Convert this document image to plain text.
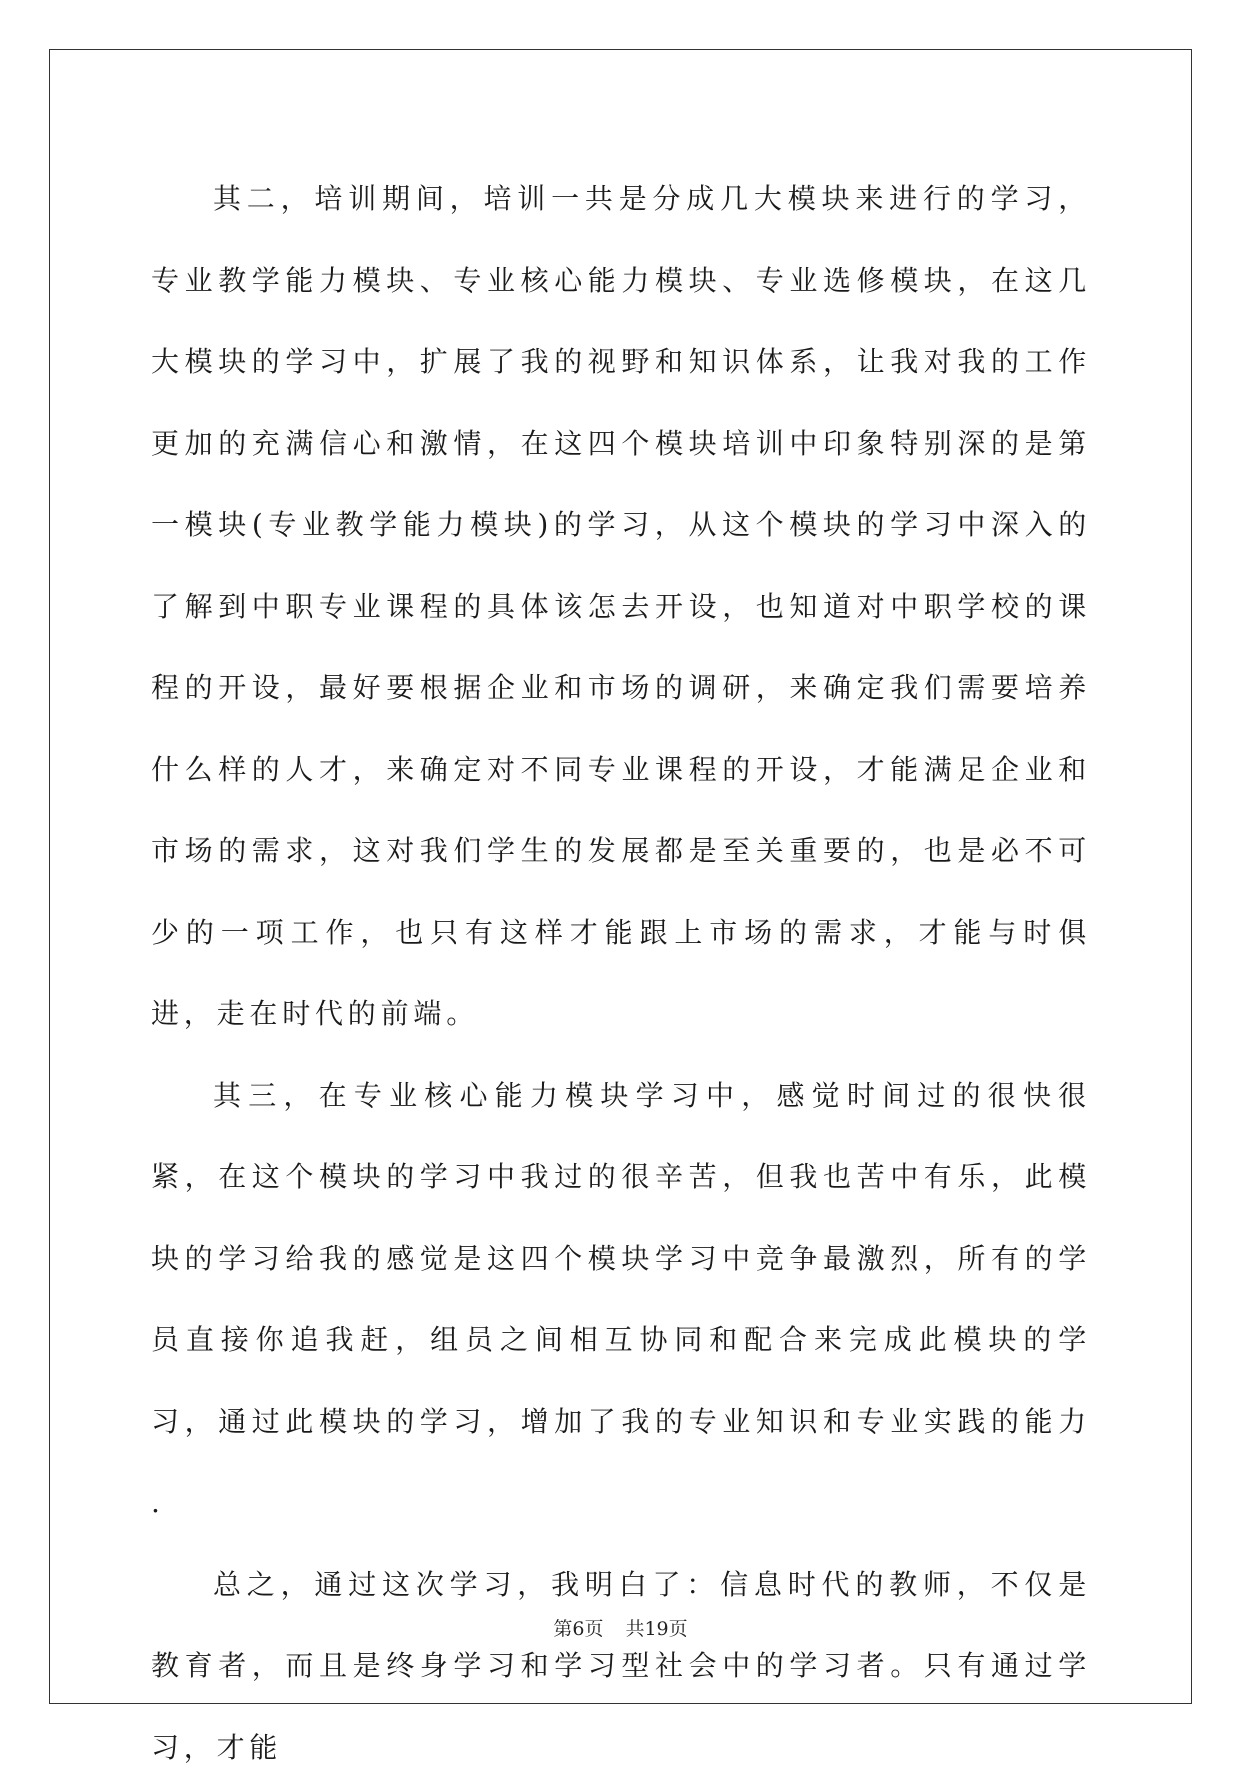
其二，培训期间，培训一共是分成几大模块来进行的学习，专业教学能力模块、专业核心能力模块、专业选修模块，在这几大模块的学习中，扩展了我的视野和知识体系，让我对我的工作更加的充满信心和激情，在这四个模块培训中印象特别深的是第一模块(专业教学能力模块)的学习，从这个模块的学习中深入的了解到中职专业课程的具体该怎去开设，也知道对中职学校的课程的开设，最好要根据企业和市场的调研，来确定我们需要培养什么样的人才，来确定对不同专业课程的开设，才能满足企业和市场的需求，这对我们学生的发展都是至关重要的，也是必不可少的一项工作，也只有这样才能跟上市场的需求，才能与时俱进，走在时代的前端。

其三，在专业核心能力模块学习中，感觉时间过的很快很紧，在这个模块的学习中我过的很辛苦，但我也苦中有乐，此模块的学习给我的感觉是这四个模块学习中竞争最激烈，所有的学员直接你追我赶，组员之间相互协同和配合来完成此模块的学习，通过此模块的学习，增加了我的专业知识和专业实践的能力 .

总之，通过这次学习，我明白了：信息时代的教师，不仅是教育者，而且是终身学习和学习型社会中的学习者。只有通过学习，才能

第6页 共19页
